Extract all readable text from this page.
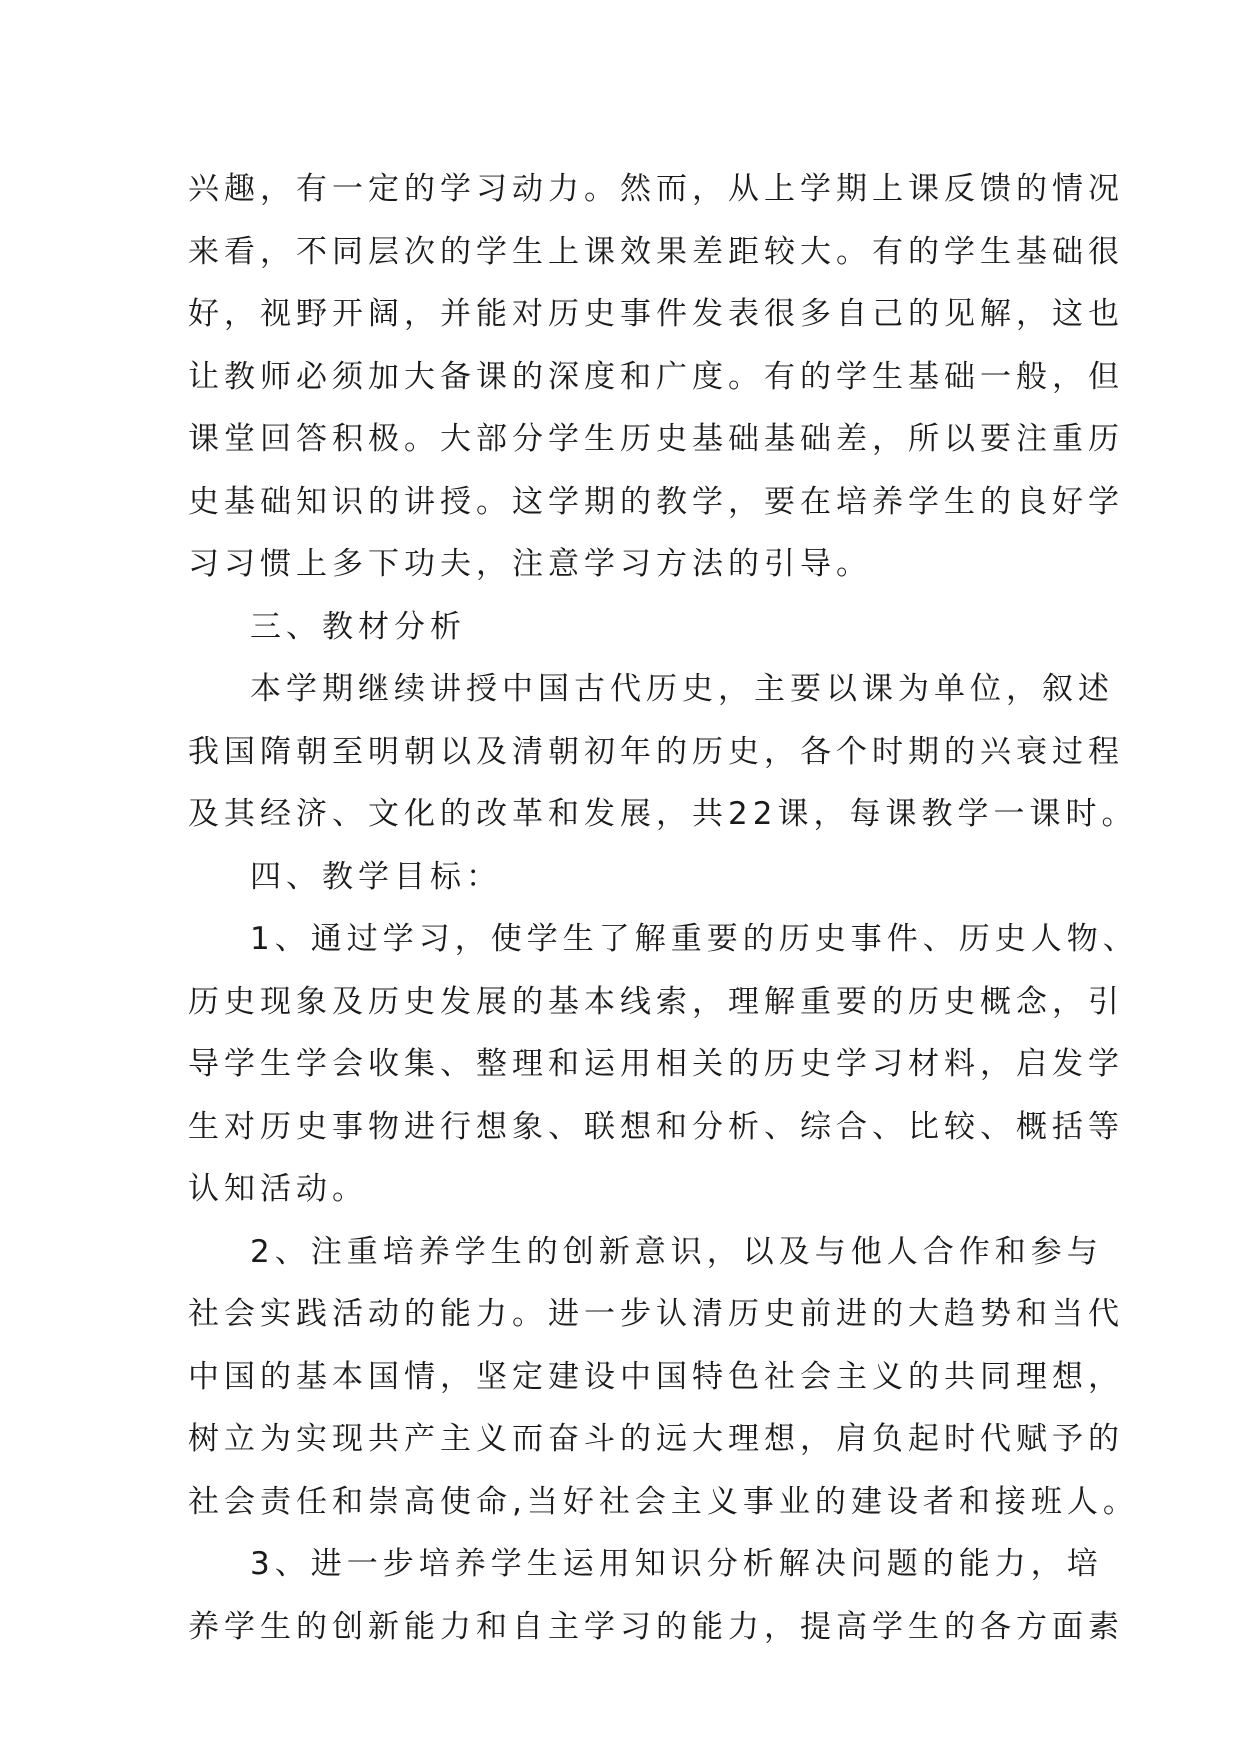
兴趣，有一定的学习动力。然而，从上学期上课反馈的情况
来看，不同层次的学生上课效果差距较大。有的学生基础很
好，视野开阔，并能对历史事件发表很多自己的见解，这也
让教师必须加大备课的深度和广度。有的学生基础一般，但
课堂回答积极。大部分学生历史基础基础差，所以要注重历
史基础知识的讲授。这学期的教学，要在培养学生的良好学
习习惯上多下功夫，注意学习方法的引导。
三、教材分析
本学期继续讲授中国古代历史，主要以课为单位，叙述
我国隋朝至明朝以及清朝初年的历史，各个时期的兴衰过程
及其经济、文化的改革和发展，共22课，每课教学一课时。
四、教学目标：
1、通过学习，使学生了解重要的历史事件、历史人物、
历史现象及历史发展的基本线索，理解重要的历史概念，引
导学生学会收集、整理和运用相关的历史学习材料，启发学
生对历史事物进行想象、联想和分析、综合、比较、概括等
认知活动。
2、注重培养学生的创新意识，以及与他人合作和参与
社会实践活动的能力。进一步认清历史前进的大趋势和当代
中国的基本国情，坚定建设中国特色社会主义的共同理想，
树立为实现共产主义而奋斗的远大理想，肩负起时代赋予的
社会责任和崇高使命,当好社会主义事业的建设者和接班人。
3、进一步培养学生运用知识分析解决问题的能力，培
养学生的创新能力和自主学习的能力，提高学生的各方面素
